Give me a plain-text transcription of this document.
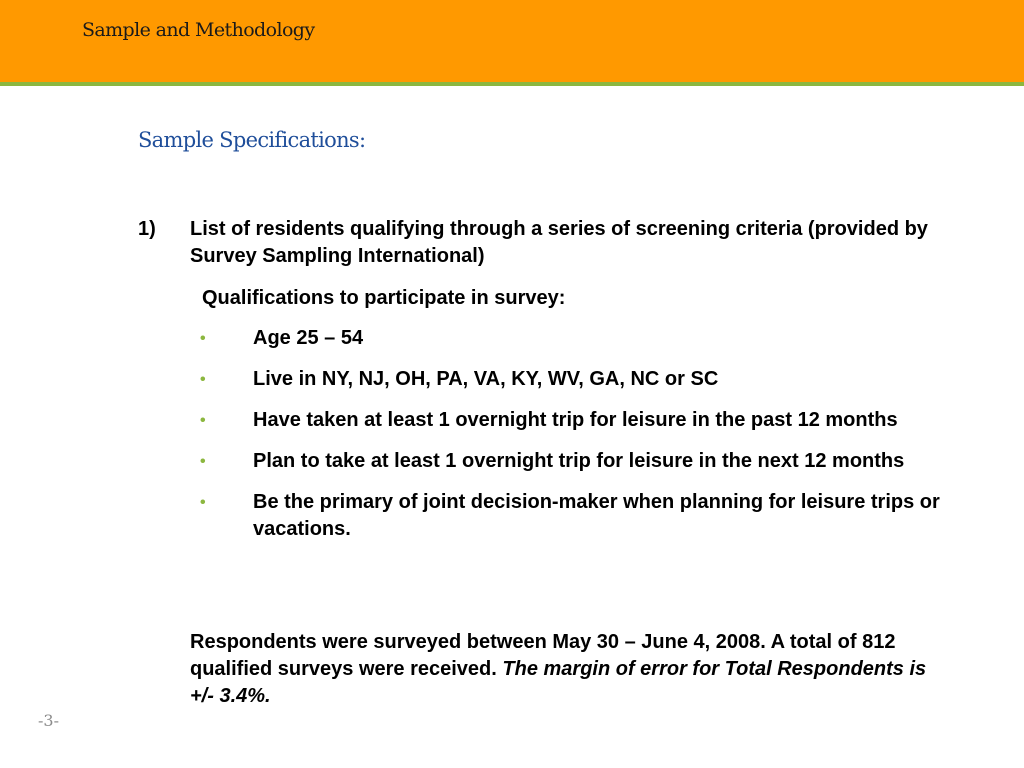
Sample and Methodology
Sample Specifications:
1) List of residents qualifying through a series of screening criteria (provided by Survey Sampling International)
Qualifications to participate in survey:
• Age 25 – 54
• Live in NY, NJ, OH, PA, VA, KY, WV, GA, NC or SC
• Have taken at least 1 overnight trip for leisure in the past 12 months
• Plan to take at least 1 overnight trip for leisure in the next 12 months
• Be the primary of joint decision-maker when planning for leisure trips or vacations.
Respondents were surveyed between May 30 – June 4, 2008. A total of 812 qualified surveys were received. The margin of error for Total Respondents is +/- 3.4%.
-3-
